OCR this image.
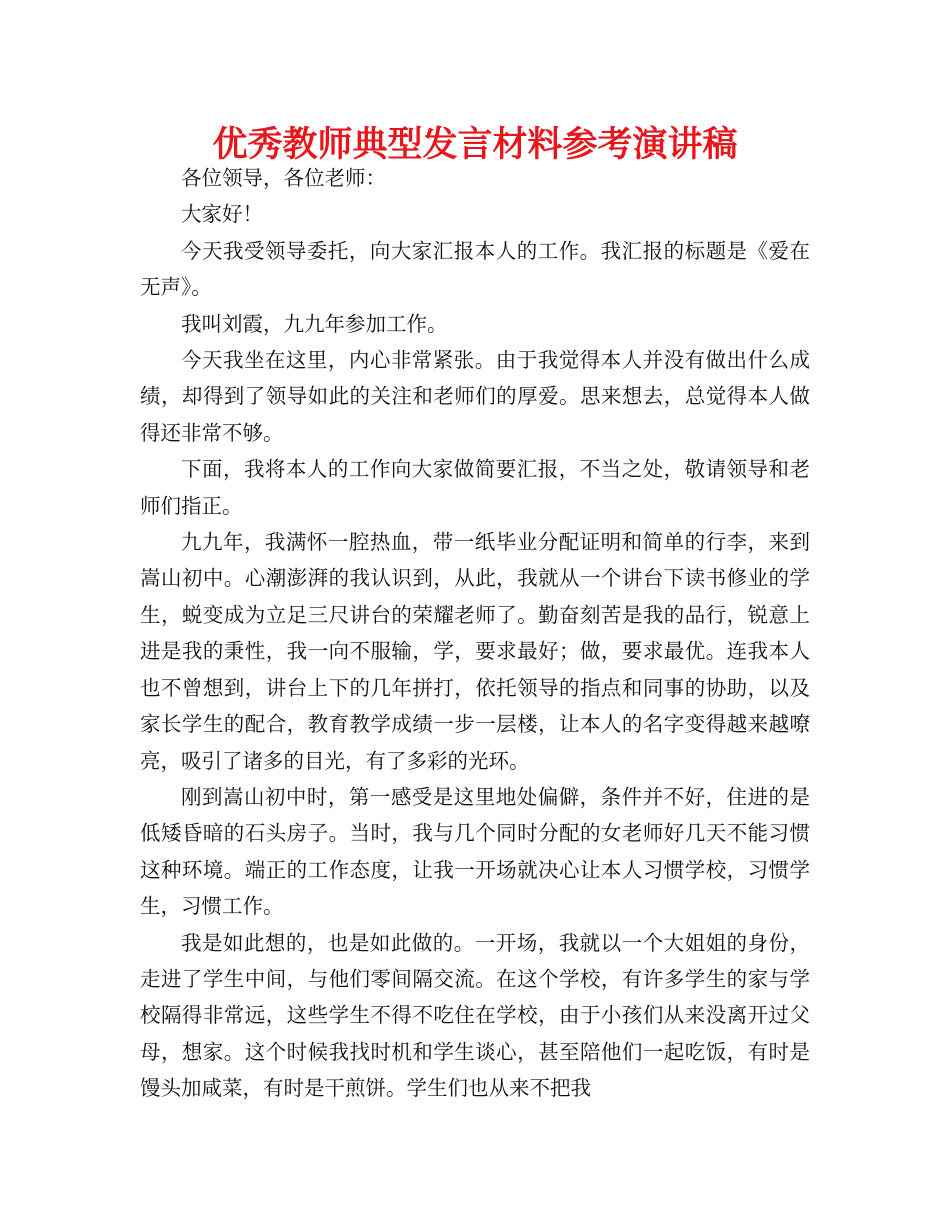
优秀教师典型发言材料参考演讲稿

各位领导，各位老师：

大家好！

今天我受领导委托，向大家汇报本人的工作。我汇报的标题是《爱在无声》。

我叫刘霞，九九年参加工作。

今天我坐在这里，内心非常紧张。由于我觉得本人并没有做出什么成绩，却得到了领导如此的关注和老师们的厚爱。思来想去，总觉得本人做得还非常不够。

下面，我将本人的工作向大家做简要汇报，不当之处，敬请领导和老师们指正。

九九年，我满怀一腔热血，带一纸毕业分配证明和简单的行李，来到嵩山初中。心潮澎湃的我认识到，从此，我就从一个讲台下读书修业的学生，蜕变成为立足三尺讲台的荣耀老师了。勤奋刻苦是我的品行，锐意上进是我的秉性，我一向不服输，学，要求最好；做，要求最优。连我本人也不曾想到，讲台上下的几年拼打，依托领导的指点和同事的协助，以及家长学生的配合，教育教学成绩一步一层楼，让本人的名字变得越来越嘹亮，吸引了诸多的目光，有了多彩的光环。

刚到嵩山初中时，第一感受是这里地处偏僻，条件并不好，住进的是低矮昏暗的石头房子。当时，我与几个同时分配的女老师好几天不能习惯这种环境。端正的工作态度，让我一开场就决心让本人习惯学校，习惯学生，习惯工作。

我是如此想的，也是如此做的。一开场，我就以一个大姐姐的身份，走进了学生中间，与他们零间隔交流。在这个学校，有许多学生的家与学校隔得非常远，这些学生不得不吃住在学校，由于小孩们从来没离开过父母，想家。这个时候我找时机和学生谈心，甚至陪他们一起吃饭，有时是馒头加咸菜，有时是干煎饼。学生们也从来不把我
